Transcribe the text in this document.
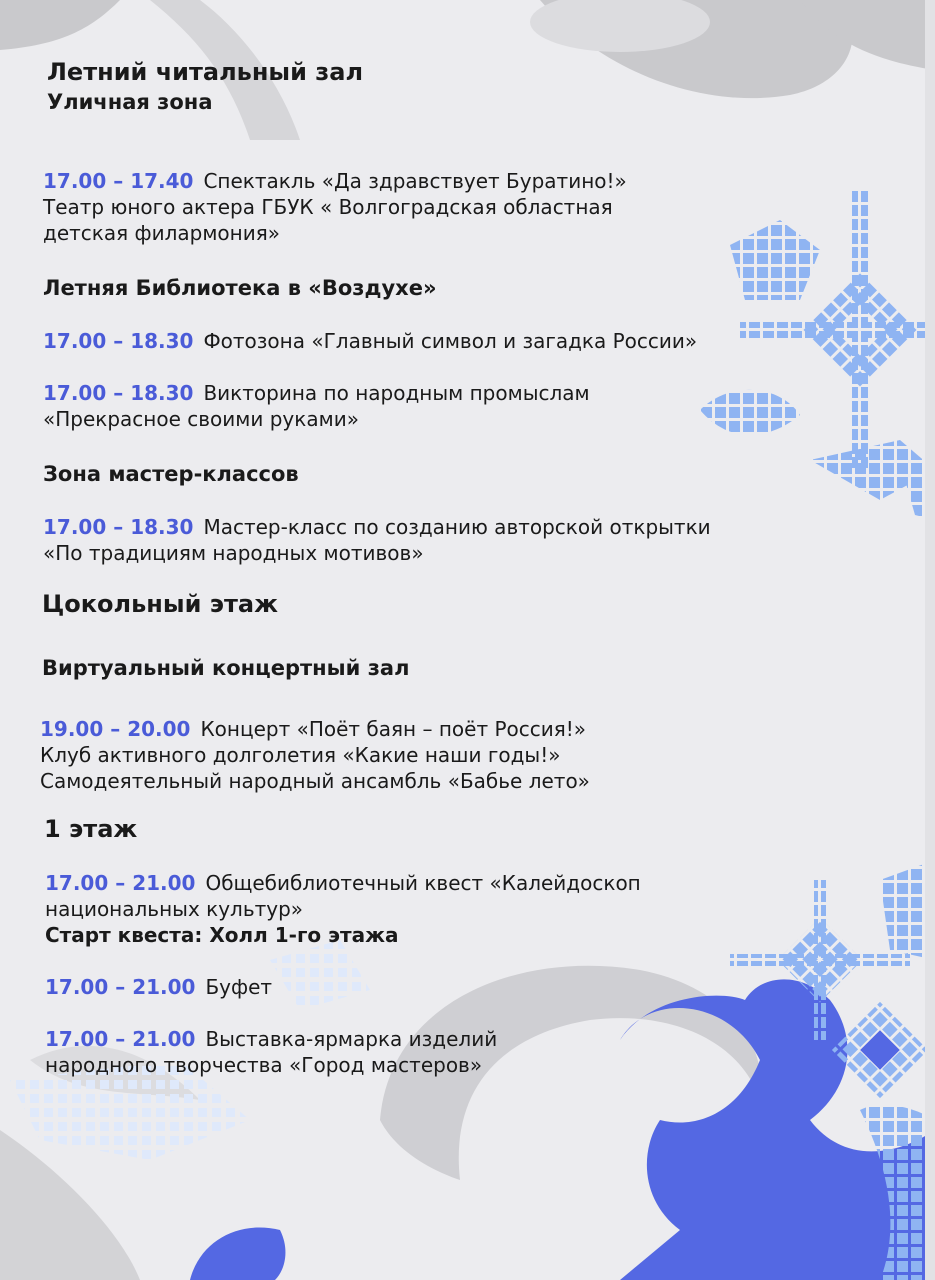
Летний читальный зал
Уличная зона

17.00 – 17.40 Спектакль «Да здравствует Буратино!»
Театр юного актера ГБУК « Волгоградская областная
детская филармония»

Летняя Библиотека в «Воздухе»

17.00 – 18.30 Фотозона «Главный символ и загадка России»

17.00 – 18.30 Викторина по народным промыслам
«Прекрасное своими руками»

Зона мастер-классов

17.00 – 18.30 Мастер-класс по созданию авторской открытки
«По традициям народных мотивов»

Цокольный этаж
Виртуальный концертный зал

19.00 – 20.00 Концерт «Поёт баян – поёт Россия!»
Клуб активного долголетия «Какие наши годы!»
Самодеятельный народный ансамбль «Бабье лето»

1 этаж

17.00 – 21.00 Общебиблиотечный квест «Калейдоскоп
национальных культур»
Старт квеста: Холл 1-го этажа

17.00 – 21.00 Буфет

17.00 – 21.00 Выставка-ярмарка изделий
народного творчества «Город мастеров»
